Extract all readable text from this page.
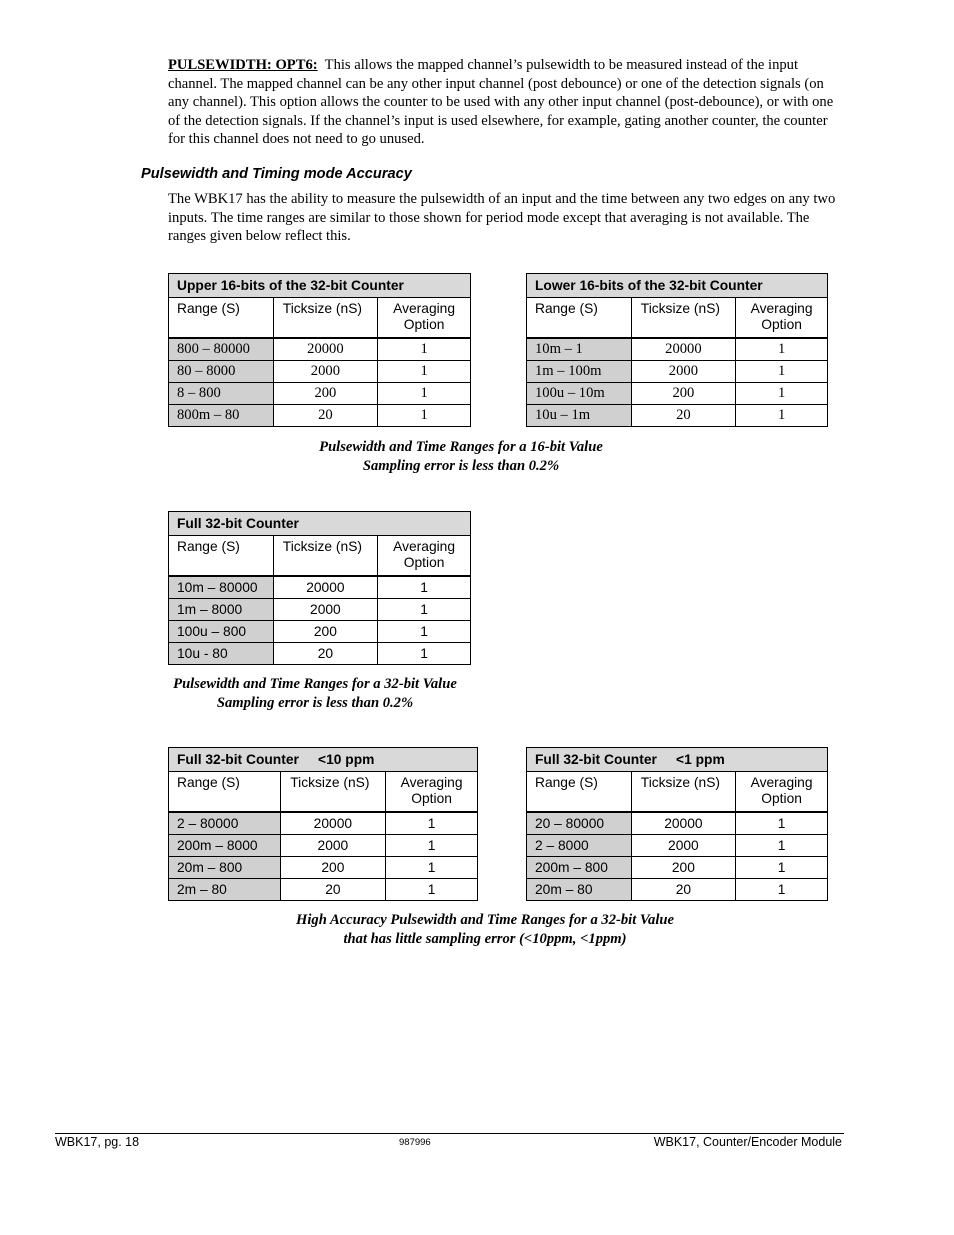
PULSEWIDTH: OPT6: This allows the mapped channel’s pulsewidth to be measured instead of the input channel. The mapped channel can be any other input channel (post debounce) or one of the detection signals (on any channel). This option allows the counter to be used with any other input channel (post-debounce), or with one of the detection signals. If the channel’s input is used elsewhere, for example, gating another counter, the counter for this channel does not need to go unused.
Pulsewidth and Timing mode Accuracy
The WBK17 has the ability to measure the pulsewidth of an input and the time between any two edges on any two inputs. The time ranges are similar to those shown for period mode except that averaging is not available. The ranges given below reflect this.
Upper 16-bits of the 32-bit Counter		
Range (S)	Ticksize (nS)	Averaging
Option
800 – 80000	20000	1
80 – 8000	2000	1
8 – 800	200	1
800m – 80	20	1
Lower 16-bits of the 32-bit Counter		
Range (S)	Ticksize (nS)	Averaging
Option
10m – 1	20000	1
1m – 100m	2000	1
100u – 10m	200	1
10u – 1m	20	1
Pulsewidth and Time Ranges for a 16-bit Value
Sampling error is less than 0.2%
Full 32-bit Counter		
Range (S)	Ticksize (nS)	Averaging
Option
10m – 80000	20000	1
1m – 8000	2000	1
100u – 800	200	1
10u - 80	20	1
Pulsewidth and Time Ranges for a 32-bit Value
Sampling error is less than 0.2%
Full 32-bit Counter     <10 ppm		
Range (S)	Ticksize (nS)	Averaging
Option
2 – 80000	20000	1
200m – 8000	2000	1
20m – 800	200	1
2m – 80	20	1
Full 32-bit Counter     <1 ppm		
Range (S)	Ticksize (nS)	Averaging
Option
20 – 80000	20000	1
2 – 8000	2000	1
200m – 800	200	1
20m – 80	20	1
High Accuracy Pulsewidth and Time Ranges for a 32-bit Value
that has little sampling error (<10ppm, <1ppm)
WBK17, pg. 18	987996	WBK17, Counter/Encoder Module
